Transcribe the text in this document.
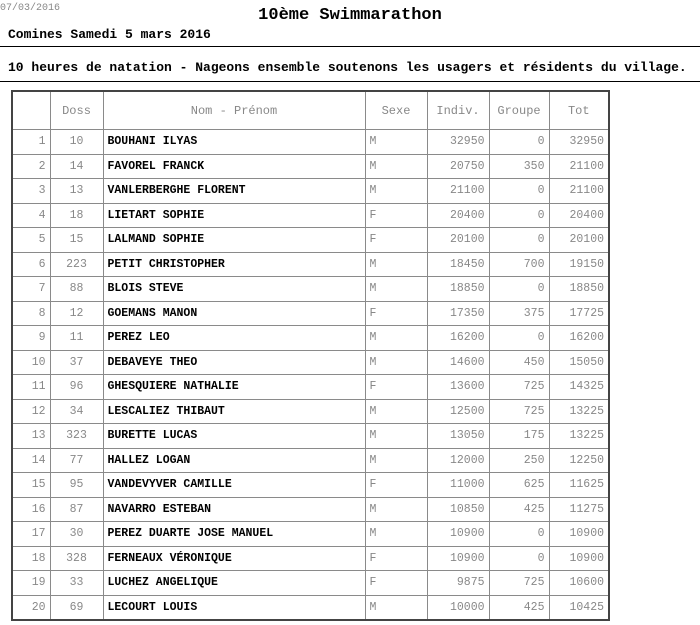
07/03/2016	10ème Swimmarathon
Comines Samedi 5 mars 2016
10 heures de natation - Nageons ensemble soutenons les usagers et résidents du village.
	Doss	Nom - Prénom	Sexe	Indiv.	Groupe	Tot
1	10	BOUHANI ILYAS	M	32950	0	32950
2	14	FAVOREL FRANCK	M	20750	350	21100
3	13	VANLERBERGHE FLORENT	M	21100	0	21100
4	18	LIETART SOPHIE	F	20400	0	20400
5	15	LALMAND SOPHIE	F	20100	0	20100
6	223	PETIT CHRISTOPHER	M	18450	700	19150
7	88	BLOIS STEVE	M	18850	0	18850
8	12	GOEMANS MANON	F	17350	375	17725
9	11	PEREZ LEO	M	16200	0	16200
10	37	DEBAVEYE THEO	M	14600	450	15050
11	96	GHESQUIERE NATHALIE	F	13600	725	14325
12	34	LESCALIEZ THIBAUT	M	12500	725	13225
13	323	BURETTE LUCAS	M	13050	175	13225
14	77	HALLEZ LOGAN	M	12000	250	12250
15	95	VANDEVYVER CAMILLE	F	11000	625	11625
16	87	NAVARRO ESTEBAN	M	10850	425	11275
17	30	PEREZ DUARTE JOSE MANUEL	M	10900	0	10900
18	328	FERNEAUX VÉRONIQUE	F	10900	0	10900
19	33	LUCHEZ ANGELIQUE	F	9875	725	10600
20	69	LECOURT LOUIS	M	10000	425	10425
